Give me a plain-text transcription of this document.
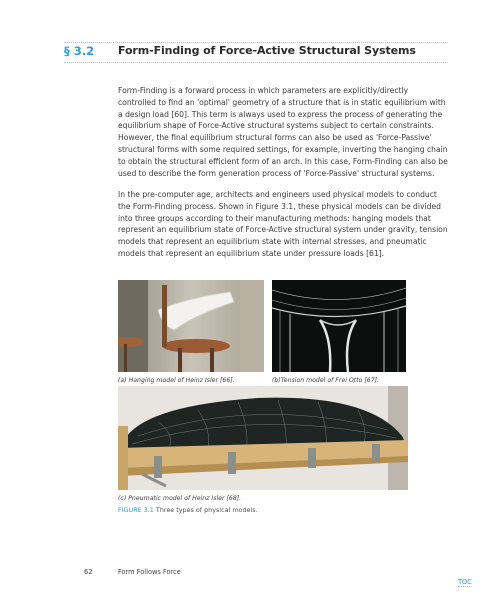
§ 3.2 Form-Finding of Force-Active Structural Systems
Form-Finding is a forward process in which parameters are explicitly/directly controlled to find an 'optimal' geometry of a structure that is in static equilibrium with a design load [60]. This term is always used to express the process of generating the equilibrium shape of Force-Active structural systems subject to certain constraints. However, the final equilibrium structural forms can also be used as 'Force-Passive' structural forms with some required settings, for example, inverting the hanging chain to obtain the structural efficient form of an arch. In this case, Form-Finding can also be used to describe the form generation process of 'Force-Passive' structural systems.
In the pre-computer age, architects and engineers used physical models to conduct the Form-Finding process. Shown in Figure 3.1, these physical models can be divided into three groups according to their manufacturing methods: hanging models that represent an equilibrium state of Force-Active structural system under gravity, tension models that represent an equilibrium state with internal stresses, and pneumatic models that represent an equilibrium state under pressure loads [61].
(a) Hanging model of Heinz Isler [66].	(b)Tension model of Frei Otto [67].
(c) Pneumatic model of Heinz Isler [68].
FIGURE 3.1 Three types of physical models.
62	Form Follows Force
TOC
